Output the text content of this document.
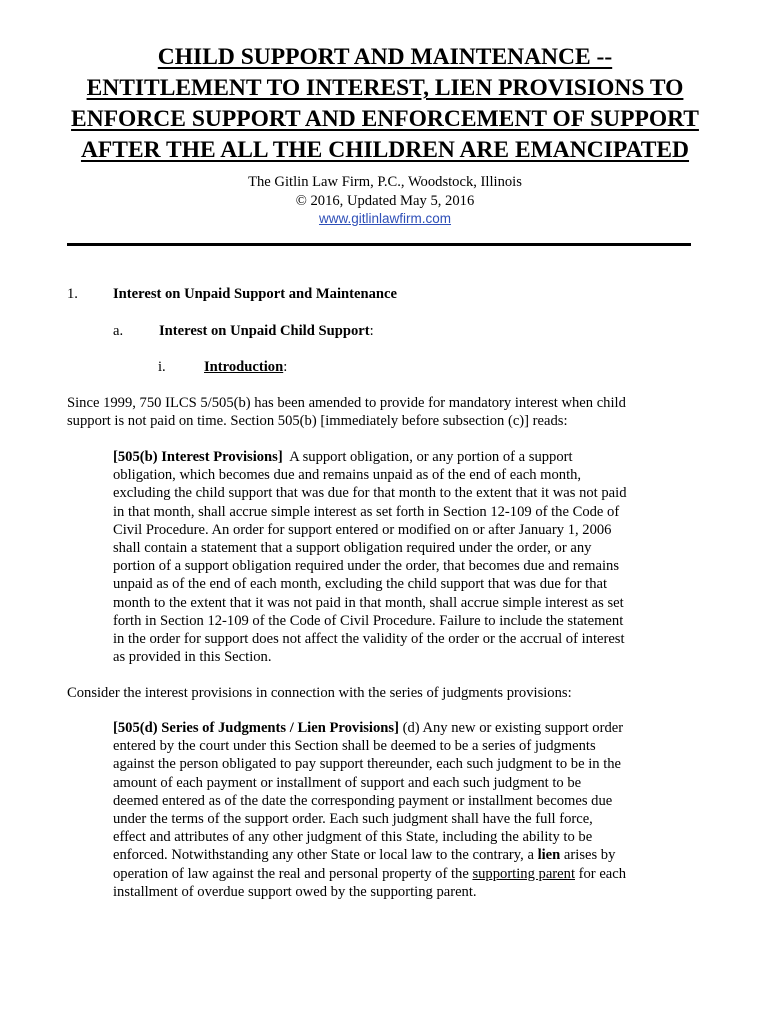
CHILD SUPPORT AND MAINTENANCE --
ENTITLEMENT TO INTEREST, LIEN PROVISIONS TO
ENFORCE SUPPORT AND ENFORCEMENT OF SUPPORT
AFTER THE ALL THE CHILDREN ARE EMANCIPATED
The Gitlin Law Firm, P.C., Woodstock, Illinois
© 2016, Updated May 5, 2016
www.gitlinlawfirm.com
1. Interest on Unpaid Support and Maintenance
a. Interest on Unpaid Child Support:
i.	Introduction:
Since 1999, 750 ILCS 5/505(b) has been amended to provide for mandatory interest when child
support is not paid on time. Section 505(b) [immediately before subsection (c)] reads:
[505(b) Interest Provisions]  A support obligation, or any portion of a support
obligation, which becomes due and remains unpaid as of the end of each month,
excluding the child support that was due for that month to the extent that it was not paid
in that month, shall accrue simple interest as set forth in Section 12-109 of the Code of
Civil Procedure. An order for support entered or modified on or after January 1, 2006
shall contain a statement that a support obligation required under the order, or any
portion of a support obligation required under the order, that becomes due and remains
unpaid as of the end of each month, excluding the child support that was due for that
month to the extent that it was not paid in that month, shall accrue simple interest as set
forth in Section 12-109 of the Code of Civil Procedure. Failure to include the statement
in the order for support does not affect the validity of the order or the accrual of interest
as provided in this Section.
Consider the interest provisions in connection with the series of judgments provisions:
[505(d) Series of Judgments / Lien Provisions] (d) Any new or existing support order
entered by the court under this Section shall be deemed to be a series of judgments
against the person obligated to pay support thereunder, each such judgment to be in the
amount of each payment or installment of support and each such judgment to be
deemed entered as of the date the corresponding payment or installment becomes due
under the terms of the support order. Each such judgment shall have the full force,
effect and attributes of any other judgment of this State, including the ability to be
enforced. Notwithstanding any other State or local law to the contrary, a lien arises by
operation of law against the real and personal property of the supporting parent for each
installment of overdue support owed by the supporting parent.
